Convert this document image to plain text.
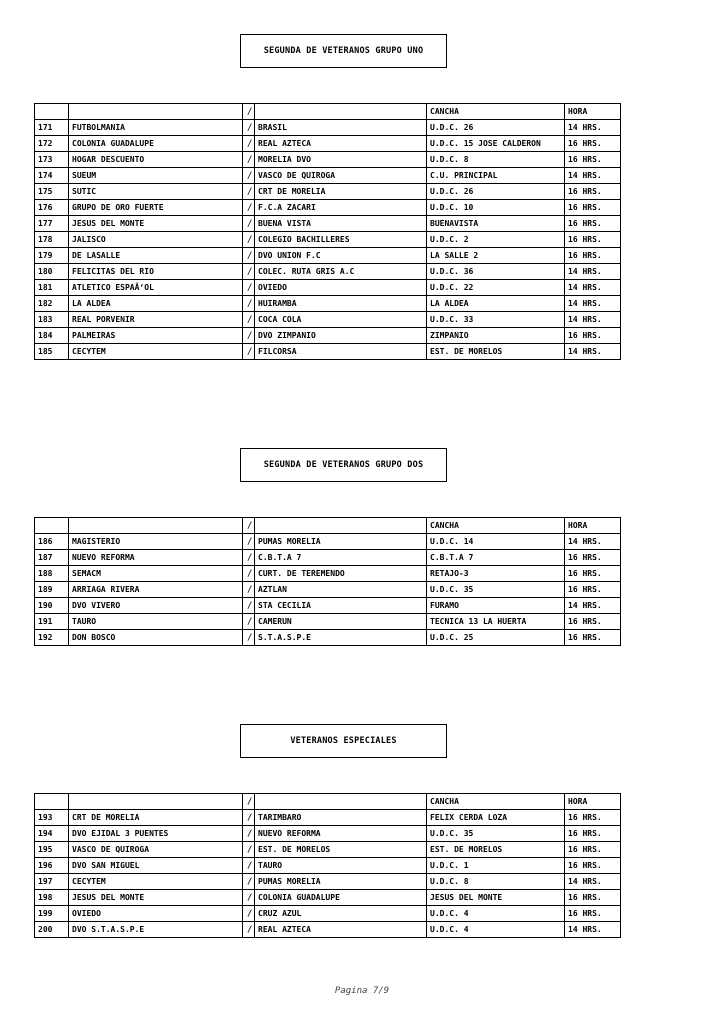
SEGUNDA DE VETERANOS GRUPO UNO
		/		CANCHA	HORA
171	FUTBOLMANIA	/	BRASIL	U.D.C. 26	14 HRS.
172	COLONIA GUADALUPE	/	REAL AZTECA	U.D.C. 15 JOSE CALDERON	16 HRS.
173	HOGAR DESCUENTO	/	MORELIA DVO	U.D.C. 8	16 HRS.
174	SUEUM	/	VASCO DE QUIROGA	C.U. PRINCIPAL	14 HRS.
175	SUTIC	/	CRT DE MORELIA	U.D.C. 26	16 HRS.
176	GRUPO DE ORO FUERTE	/	F.C.A ZACARI	U.D.C. 10	16 HRS.
177	JESUS DEL MONTE	/	BUENA VISTA	BUENAVISTA	16 HRS.
178	JALISCO	/	COLEGIO BACHILLERES	U.D.C. 2	16 HRS.
179	DE LASALLE	/	DVO UNION F.C	LA SALLE 2	16 HRS.
180	FELICITAS DEL RIO	/	COLEC. RUTA GRIS A.C	U.D.C. 36	14 HRS.
181	ATLETICO ESPAÃ‘OL	/	OVIEDO	U.D.C. 22	14 HRS.
182	LA ALDEA	/	HUIRAMBA	LA ALDEA	14 HRS.
183	REAL PORVENIR	/	COCA COLA	U.D.C. 33	14 HRS.
184	PALMEIRAS	/	DVO ZIMPANIO	ZIMPANIO	16 HRS.
185	CECYTEM	/	FILCORSA	EST. DE MORELOS	14 HRS.
SEGUNDA DE VETERANOS GRUPO DOS
		/		CANCHA	HORA
186	MAGISTERIO	/	PUMAS MORELIA	U.D.C. 14	14 HRS.
187	NUEVO REFORMA	/	C.B.T.A 7	C.B.T.A 7	16 HRS.
188	SEMACM	/	CURT. DE TEREMENDO	RETAJO-3	16 HRS.
189	ARRIAGA RIVERA	/	AZTLAN	U.D.C. 35	16 HRS.
190	DVO VIVERO	/	STA CECILIA	FURAMO	14 HRS.
191	TAURO	/	CAMERUN	TECNICA 13 LA HUERTA	16 HRS.
192	DON BOSCO	/	S.T.A.S.P.E	U.D.C. 25	16 HRS.
VETERANOS ESPECIALES
		/		CANCHA	HORA
193	CRT DE MORELIA	/	TARIMBARO	FELIX CERDA LOZA	16 HRS.
194	DVO EJIDAL 3 PUENTES	/	NUEVO REFORMA	U.D.C. 35	16 HRS.
195	VASCO DE QUIROGA	/	EST. DE MORELOS	EST. DE MORELOS	16 HRS.
196	DVO SAN MIGUEL	/	TAURO	U.D.C. 1	16 HRS.
197	CECYTEM	/	PUMAS MORELIA	U.D.C. 8	14 HRS.
198	JESUS DEL MONTE	/	COLONIA GUADALUPE	JESUS DEL MONTE	16 HRS.
199	OVIEDO	/	CRUZ AZUL	U.D.C. 4	16 HRS.
200	DVO S.T.A.S.P.E	/	REAL AZTECA	U.D.C. 4	14 HRS.
Pagina 7/9
